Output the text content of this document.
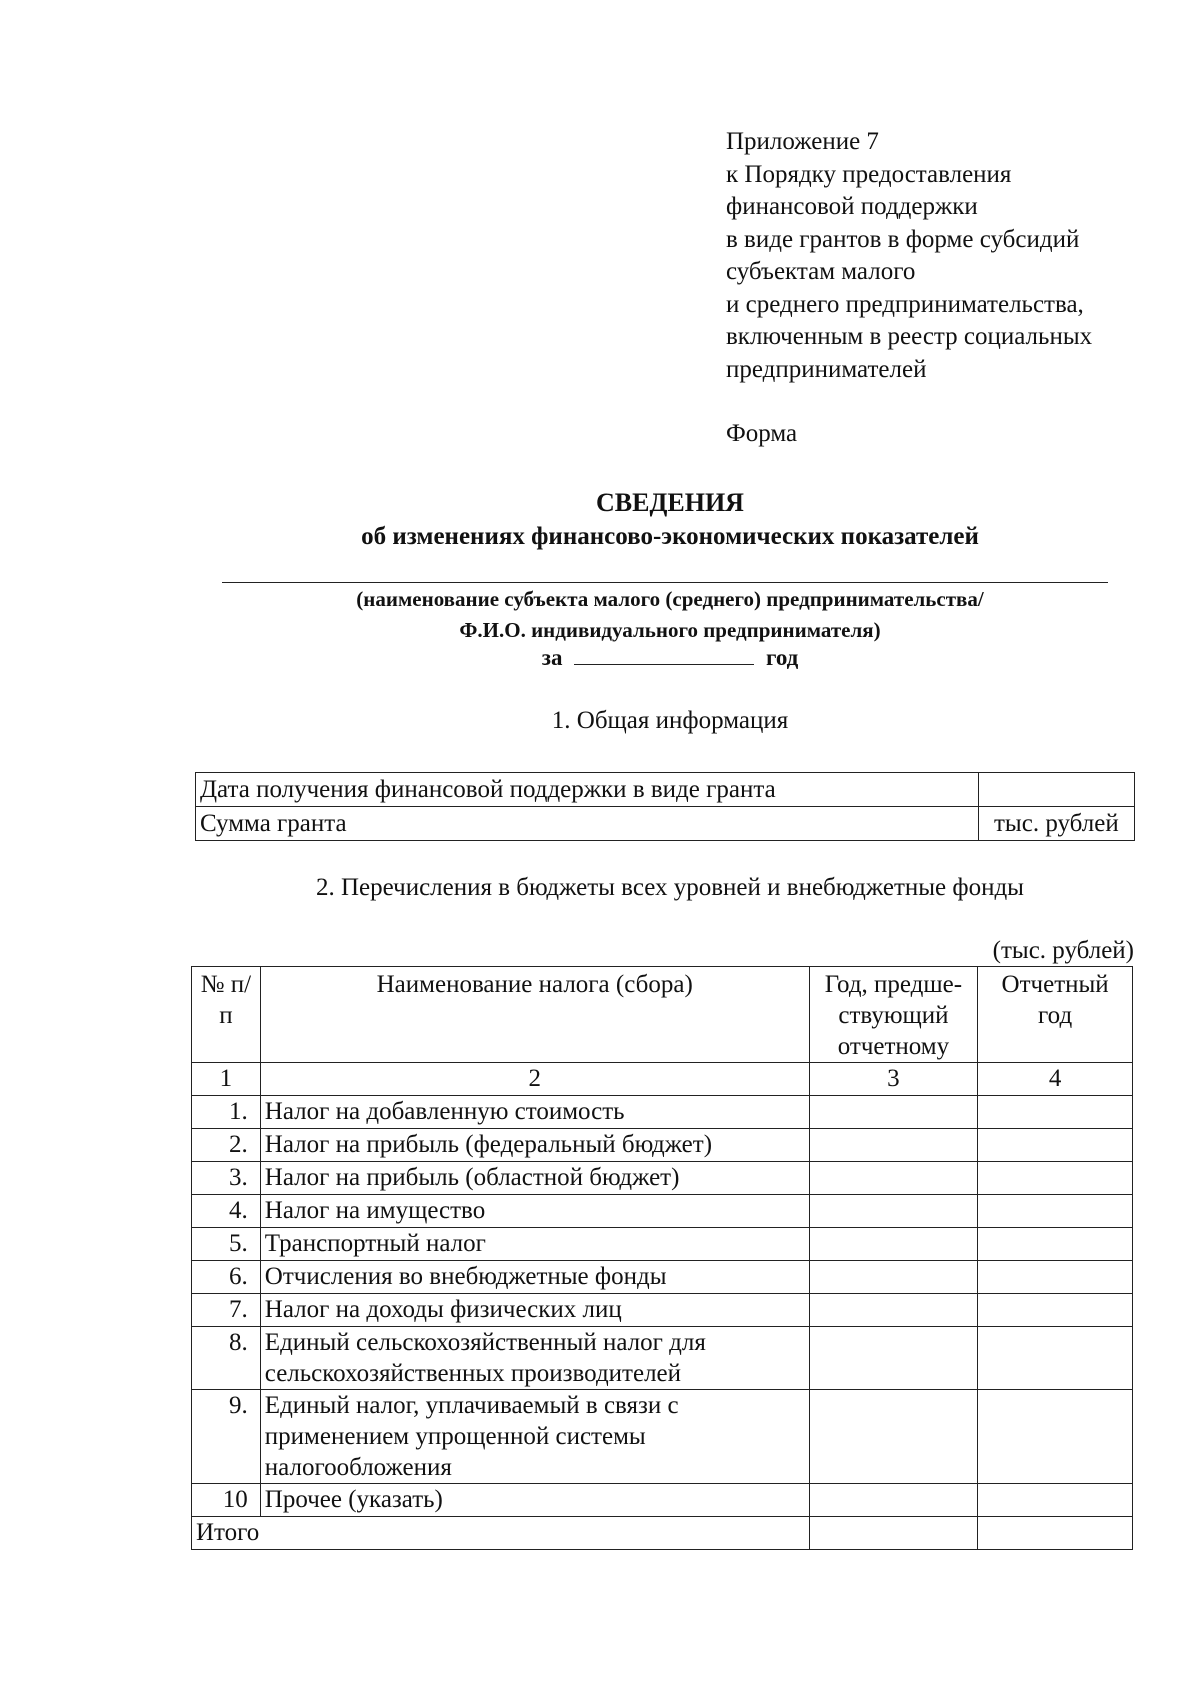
Приложение 7
к Порядку предоставления
финансовой поддержки
в виде грантов в форме субсидий
субъектам малого
и среднего предпринимательства,
включенным в реестр социальных
предпринимателей
Форма
СВЕДЕНИЯ
об изменениях финансово-экономических показателей
(наименование субъекта малого (среднего) предпринимательства/
Ф.И.О. индивидуального предпринимателя)
за	год
1. Общая информация
Дата получения финансовой поддержки в виде гранта	
Сумма гранта	тыс. рублей
2. Перечисления в бюджеты всех уровней и внебюджетные фонды
(тыс. рублей)
№ п/п	Наименование налога (сбора)	Год, предше- ствующий отчетному	Отчетный год
1	2	3	4
1.	Налог на добавленную стоимость		
2.	Налог на прибыль (федеральный бюджет)		
3.	Налог на прибыль (областной бюджет)		
4.	Налог на имущество		
5.	Транспортный налог		
6.	Отчисления во внебюджетные фонды		
7.	Налог на доходы физических лиц		
8.	Единый сельскохозяйственный налог для сельскохозяйственных производителей		
9.	Единый налог, уплачиваемый в связи с применением упрощенной системы налогообложения		
10	Прочее (указать)		
Итого			
